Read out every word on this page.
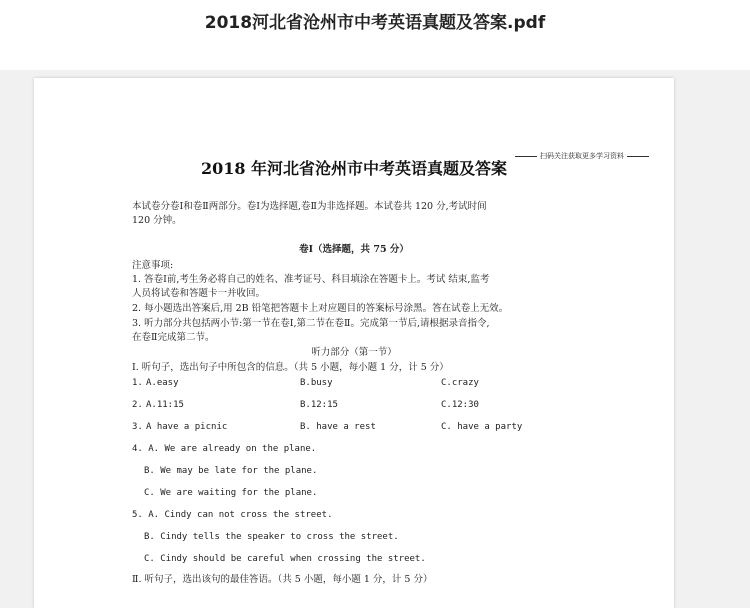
2018河北省沧州市中考英语真题及答案.pdf
2018 年河北省沧州市中考英语真题及答案
扫码关注获取更多学习资料
本试卷分卷Ⅰ和卷Ⅱ两部分。卷Ⅰ为选择题,卷Ⅱ为非选择题。本试卷共 120 分,考试时间
120 分钟。
卷Ⅰ（选择题，共 75 分）
注意事项:
1. 答卷Ⅰ前,考生务必将自己的姓名、准考证号、科目填涂在答题卡上。考试 结束,监考
人员将试卷和答题卡一并收回。
2. 每小题选出答案后,用 2B 铅笔把答题卡上对应题目的答案标号涂黑。答在试卷上无效。
3. 听力部分共包括两小节:第一节在卷Ⅰ,第二节在卷Ⅱ。完成第一节后,请根据录音指令,
在卷Ⅱ完成第二节。
听力部分（第一节）
Ⅰ. 听句子，选出句子中所包含的信息。（共 5 小题，每小题 1 分，计 5 分）
1. A.easy	B.busy	C.crazy
2. A.11:15	B.12:15	C.12:30
3. A have a picnic	B. have a rest	C. have a party
4. A. We are already on the plane.
B. We may be late for the plane.
C. We are waiting for the plane.
5. A. Cindy can not cross the street.
B. Cindy tells the speaker to cross the street.
C. Cindy should be careful when crossing the street.
Ⅱ. 听句子，选出该句的最佳答语。（共 5 小题，每小题 1 分，计 5 分）
